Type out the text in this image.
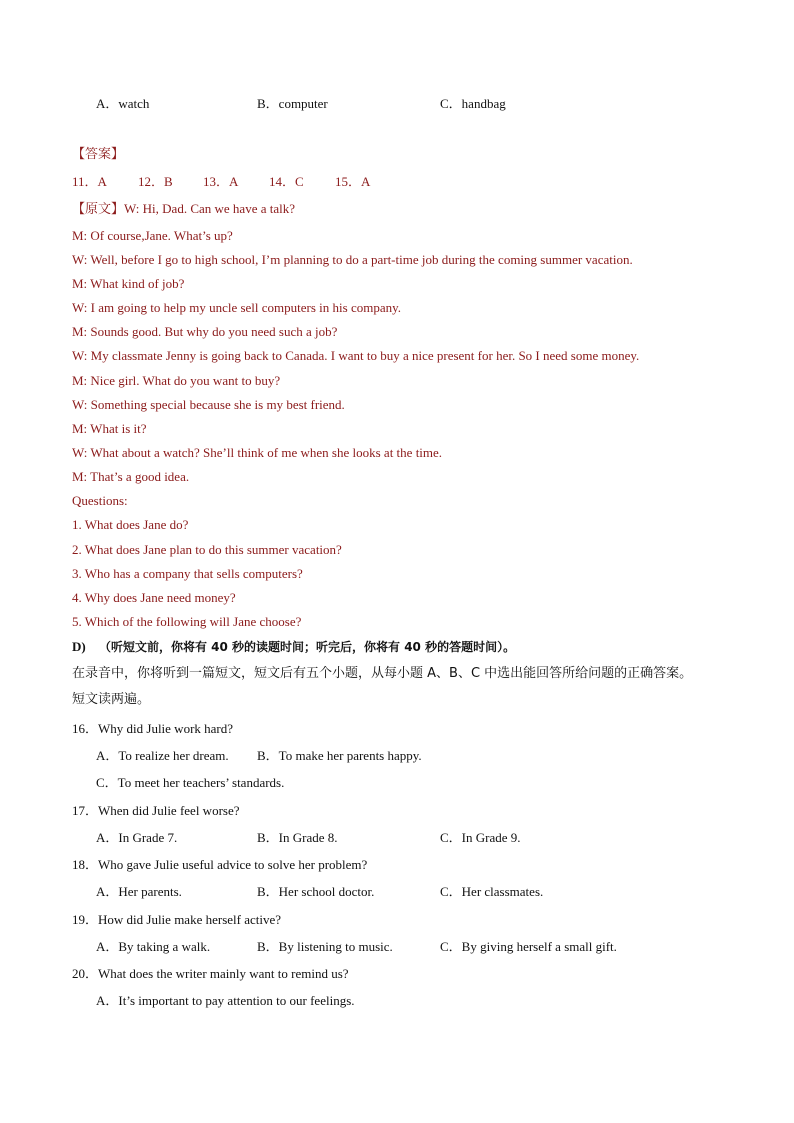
A．watch	B．computer	C．handbag
【答案】
11．A 12．B 13．A 14．C 15．A
【原文】W: Hi, Dad. Can we have a talk?
M: Of course,Jane. What’s up?
W: Well, before I go to high school, I’m planning to do a part-time job during the coming summer vacation.
M: What kind of job?
W: I am going to help my uncle sell computers in his company.
M: Sounds good. But why do you need such a job?
W: My classmate Jenny is going back to Canada. I want to buy a nice present for her. So I need some money.
M: Nice girl. What do you want to buy?
W: Something special because she is my best friend.
M: What is it?
W: What about a watch? She’ll think of me when she looks at the time.
M: That’s a good idea.
Questions:
1. What does Jane do?
2. What does Jane plan to do this summer vacation?
3. Who has a company that sells computers?
4. Why does Jane need money?
5. Which of the following will Jane choose?
D) （听短文前，你将有 40 秒的读题时间；听完后，你将有 40 秒的答题时间）。
在录音中，你将听到一篇短文，短文后有五个小题，从每小题 A、B、C 中选出能回答所给问题的正确答案。
短文读两遍。
16．Why did Julie work hard?
A．To realize her dream. B．To make her parents happy.
C．To meet her teachers’ standards.
17．When did Julie feel worse?
A．In Grade 7.	B．In Grade 8.	C．In Grade 9.
18．Who gave Julie useful advice to solve her problem?
A．Her parents.	B．Her school doctor.	C．Her classmates.
19．How did Julie make herself active?
A．By taking a walk.	B．By listening to music.	C．By giving herself a small gift.
20．What does the writer mainly want to remind us?
A．It’s important to pay attention to our feelings.
